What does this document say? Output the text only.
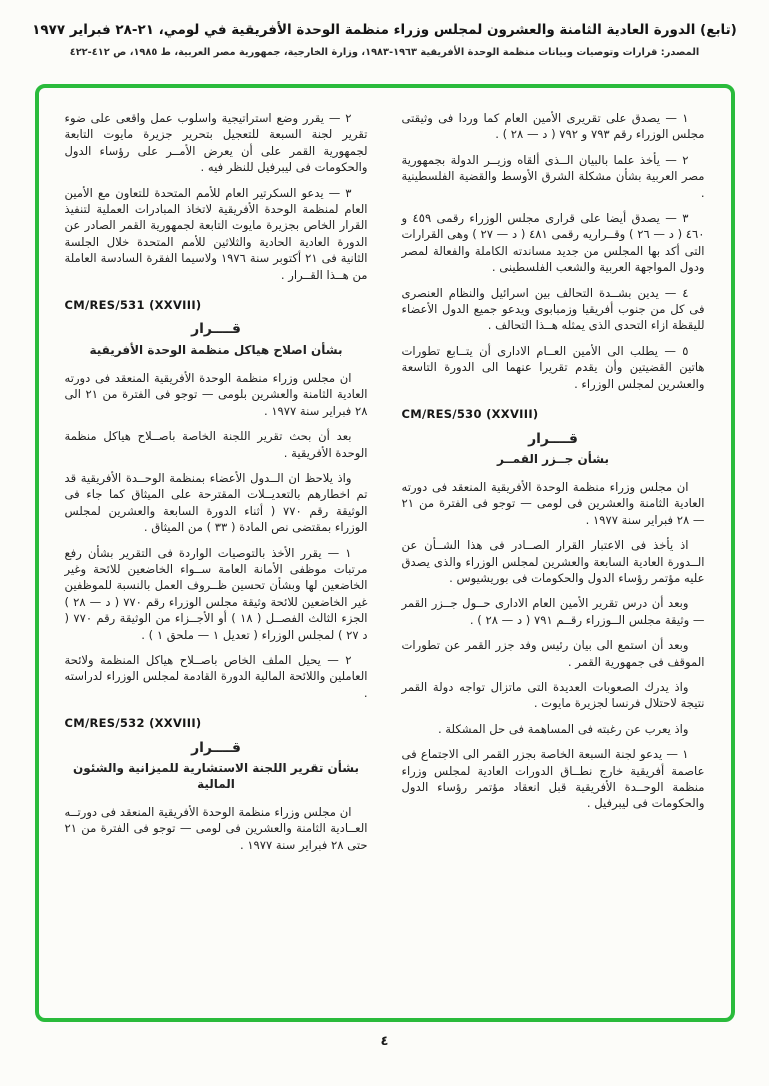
(تابع) الدورة العادية الثامنة والعشرون لمجلس وزراء منظمة الوحدة الأفريقية في لومي، ٢١-٢٨ فبراير ١٩٧٧
المصدر: قرارات وتوصيات وبيانات منظمة الوحدة الأفريقية ١٩٦٣-١٩٨٣، وزارة الخارجية، جمهورية مصر العربية، ط ١٩٨٥، ص ٤١٢-٤٢٢
١ — يصدق على تقريرى الأمين العام كما وردا فى وثيقتى مجلس الوزراء رقم ٧٩٣ و ٧٩٢ ( د — ٢٨ ) .
٢ — يأخذ علما بالبيان الــذى ألقاه وزيــر الدولة بجمهورية مصر العربية بشأن مشكلة الشرق الأوسط والقضية الفلسطينية .
٣ — يصدق أيضا على قرارى مجلس الوزراء رقمى ٤٥٩ و ٤٦٠ ( د — ٢٦ ) وقــراريه رقمى ٤٨١ ( د — ٢٧ ) وهى القرارات التى أكد بها المجلس من جديد مساندته الكاملة والفعالة لمصر ودول المواجهة العربية والشعب الفلسطينى .
٤ — يدين بشــدة التحالف بين اسرائيل والنظام العنصرى فى كل من جنوب أفريقيا وزمبابوى ويدعو جميع الدول الأعضاء لليقظة ازاء التحدى الذى يمثله هــذا التحالف .
٥ — يطلب الى الأمين العــام الادارى أن يتــابع تطورات هاتين القضيتين وأن يقدم تقريرا عنهما الى الدورة التاسعة والعشرين لمجلس الوزراء .
CM/RES/530 (XXVIII)
قــــرار
بشأن جــزر القمــر
ان مجلس وزراء منظمة الوحدة الأفريقية المنعقد فى دورته العادية الثامنة والعشرين فى لومى — توجو فى الفترة من ٢١ — ٢٨ فبراير سنة ١٩٧٧ .
اذ يأخذ فى الاعتبار القرار الصــادر فى هذا الشــأن عن الــدورة العادية السابعة والعشرين لمجلس الوزراء والذى يصدق عليه مؤتمر رؤساء الدول والحكومات فى بوريشيوس .
وبعد أن درس تقرير الأمين العام الادارى حــول جــزر القمر — وثيقة مجلس الــوزراء رقــم ٧٩١ ( د — ٢٨ ) .
وبعد أن استمع الى بيان رئيس وفد جزر القمر عن تطورات الموقف فى جمهورية القمر .
واذ يدرك الصعوبات العديدة التى ماتزال تواجه دولة القمر نتيجة لاحتلال فرنسا لجزيرة مايوت .
واذ يعرب عن رغبته فى المساهمة فى حل المشكلة .
١ — يدعو لجنة السبعة الخاصة بجزر القمر الى الاجتماع فى عاصمة أفريقية خارج نطــاق الدورات العادية لمجلس وزراء منظمة الوحــدة الأفريقية قبل انعقاد مؤتمر رؤساء الدول والحكومات فى ليبرفيل .
٢ — يقرر وضع استراتيجية واسلوب عمل واقعى على ضوء تقرير لجنة السبعة للتعجيل بتحرير جزيرة مايوت التابعة لجمهورية القمر على أن يعرض الأمــر على رؤساء الدول والحكومات فى ليبرفيل للنظر فيه .
٣ — يدعو السكرتير العام للأمم المتحدة للتعاون مع الأمين العام لمنظمة الوحدة الأفريقية لاتخاذ المبادرات العملية لتنفيذ القرار الخاص بجزيرة مايوت التابعة لجمهورية القمر الصادر عن الدورة العادية الحادية والثلاثين للأمم المتحدة خلال الجلسة الثانية فى ٢١ أكتوبر سنة ١٩٧٦ ولاسيما الفقرة السادسة العاملة من هــذا القــرار .
CM/RES/531 (XXVIII)
قــــرار
بشأن اصلاح هياكل منظمة الوحدة الأفريقية
ان مجلس وزراء منظمة الوحدة الأفريقية المنعقد فى دورته العادية الثامنة والعشرين بلومى — توجو فى الفترة من ٢١ الى ٢٨ فبراير سنة ١٩٧٧ .
بعد أن بحث تقرير اللجنة الخاصة باصــلاح هياكل منظمة الوحدة الأفريقية .
واذ يلاحظ ان الــدول الأعضاء بمنظمة الوحــدة الأفريقية قد تم اخطارهم بالتعديــلات المقترحة على الميثاق كما جاء فى الوثيقة رقم ٧٧٠ ( أثناء الدورة السابعة والعشرين لمجلس الوزراء بمقتضى نص المادة ( ٣٣ ) من الميثاق .
١ — يقرر الأخذ بالتوصيات الواردة فى التقرير بشأن رفع مرتبات موظفى الأمانة العامة ســواء الخاضعين للائحة وغير الخاضعين لها وبشأن تحسين ظــروف العمل بالنسبة للموظفين غير الخاضعين للائحة وثيقة مجلس الوزراء رقم ٧٧٠ ( د — ٢٨ ) الجزء الثالث الفصــل ( ١٨ ) أو الأجــزاء من الوثيقة رقم ٧٧٠ ( د ٢٧ ) لمجلس الوزراء ( تعديل ١ — ملحق ١ ) .
٢ — يحيل الملف الخاص باصــلاح هياكل المنظمة ولائحة العاملين واللائحة المالية الدورة القادمة لمجلس الوزراء لدراسته .
CM/RES/532 (XXVIII)
قــــرار
بشأن تقرير اللجنة الاستشارية للميزانية والشئون المالية
ان مجلس وزراء منظمة الوحدة الأفريقية المنعقد فى دورتــه العــادية الثامنة والعشرين فى لومى — توجو فى الفترة من ٢١ حتى ٢٨ فبراير سنة ١٩٧٧ .
٤
